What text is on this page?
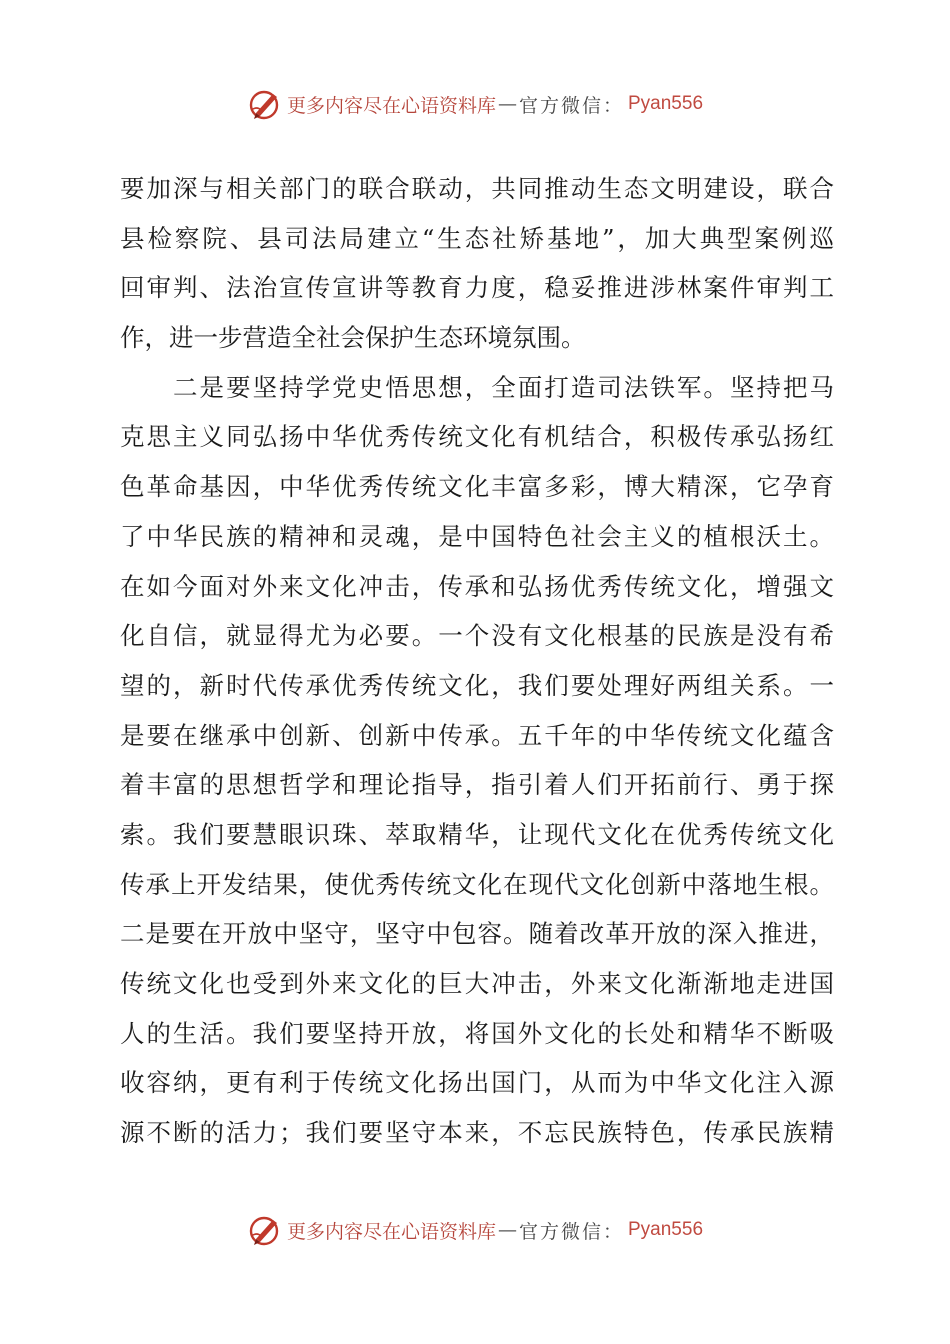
更多内容尽在心语资料库 — 官方微信： Pyan556
要加深与相关部门的联合联动，共同推动生态文明建设，联合
县检察院、县司法局建立“生态社矫基地”，加大典型案例巡
回审判、法治宣传宣讲等教育力度，稳妥推进涉林案件审判工
作，进一步营造全社会保护生态环境氛围。
　　二是要坚持学党史悟思想，全面打造司法铁军。坚持把马
克思主义同弘扬中华优秀传统文化有机结合，积极传承弘扬红
色革命基因，中华优秀传统文化丰富多彩，博大精深，它孕育
了中华民族的精神和灵魂，是中国特色社会主义的植根沃土。
在如今面对外来文化冲击，传承和弘扬优秀传统文化，增强文
化自信，就显得尤为必要。一个没有文化根基的民族是没有希
望的，新时代传承优秀传统文化，我们要处理好两组关系。一
是要在继承中创新、创新中传承。五千年的中华传统文化蕴含
着丰富的思想哲学和理论指导，指引着人们开拓前行、勇于探
索。我们要慧眼识珠、萃取精华，让现代文化在优秀传统文化
传承上开发结果，使优秀传统文化在现代文化创新中落地生根。
二是要在开放中坚守，坚守中包容。随着改革开放的深入推进，
传统文化也受到外来文化的巨大冲击，外来文化渐渐地走进国
人的生活。我们要坚持开放，将国外文化的长处和精华不断吸
收容纳，更有利于传统文化扬出国门，从而为中华文化注入源
源不断的活力；我们要坚守本来，不忘民族特色，传承民族精
更多内容尽在心语资料库 — 官方微信： Pyan556
